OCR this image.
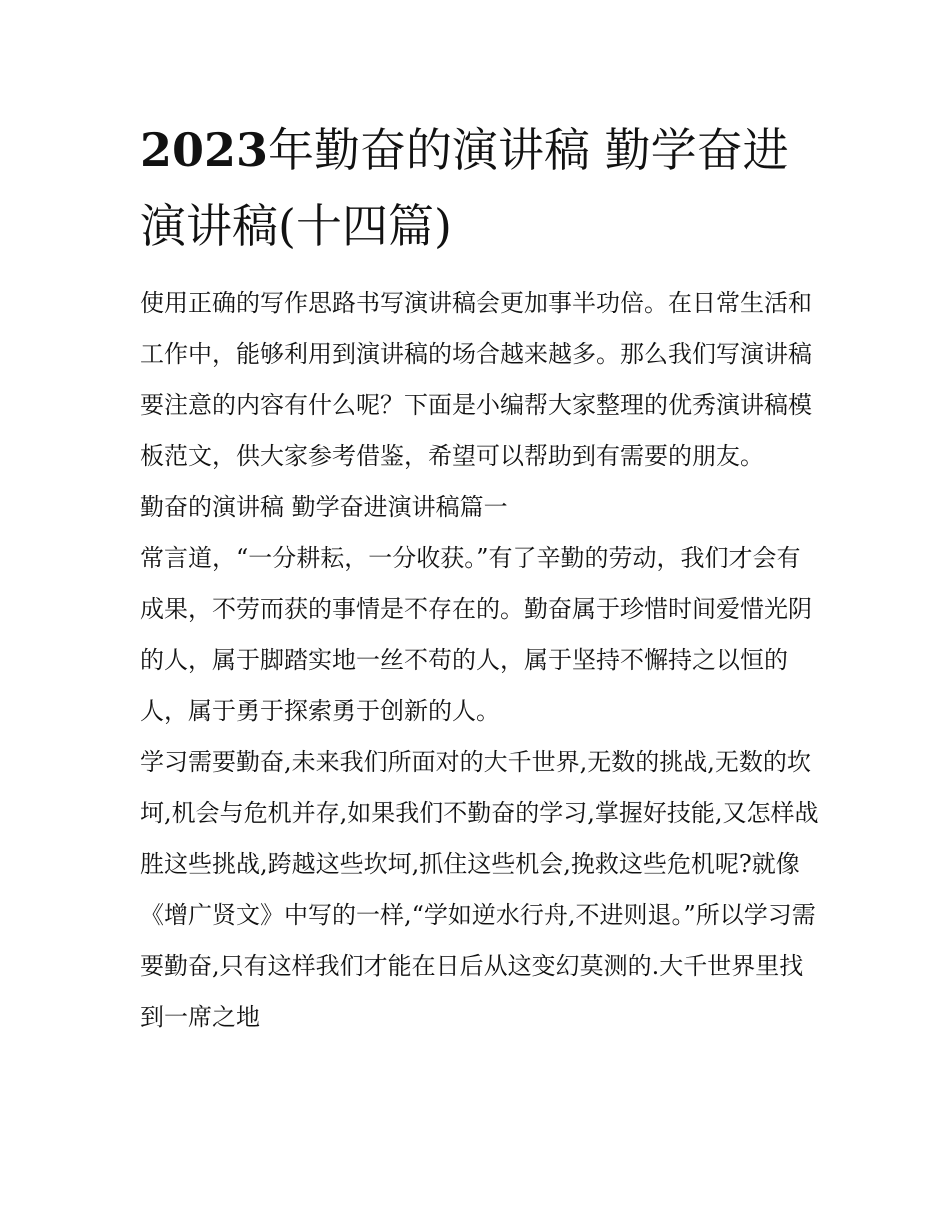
2023年勤奋的演讲稿 勤学奋进演讲稿(十四篇)

使用正确的写作思路书写演讲稿会更加事半功倍。在日常生活和工作中，能够利用到演讲稿的场合越来越多。那么我们写演讲稿要注意的内容有什么呢？下面是小编帮大家整理的优秀演讲稿模板范文，供大家参考借鉴，希望可以帮助到有需要的朋友。

勤奋的演讲稿 勤学奋进演讲稿篇一

常言道，“一分耕耘，一分收获。”有了辛勤的劳动，我们才会有成果，不劳而获的事情是不存在的。勤奋属于珍惜时间爱惜光阴的人，属于脚踏实地一丝不苟的人，属于坚持不懈持之以恒的人，属于勇于探索勇于创新的人。

学习需要勤奋,未来我们所面对的大千世界,无数的挑战,无数的坎坷,机会与危机并存,如果我们不勤奋的学习,掌握好技能,又怎样战胜这些挑战,跨越这些坎坷,抓住这些机会,挽救这些危机呢?就像《增广贤文》中写的一样,“学如逆水行舟,不进则退。”所以学习需要勤奋,只有这样我们才能在日后从这变幻莫测的.大千世界里找到一席之地
